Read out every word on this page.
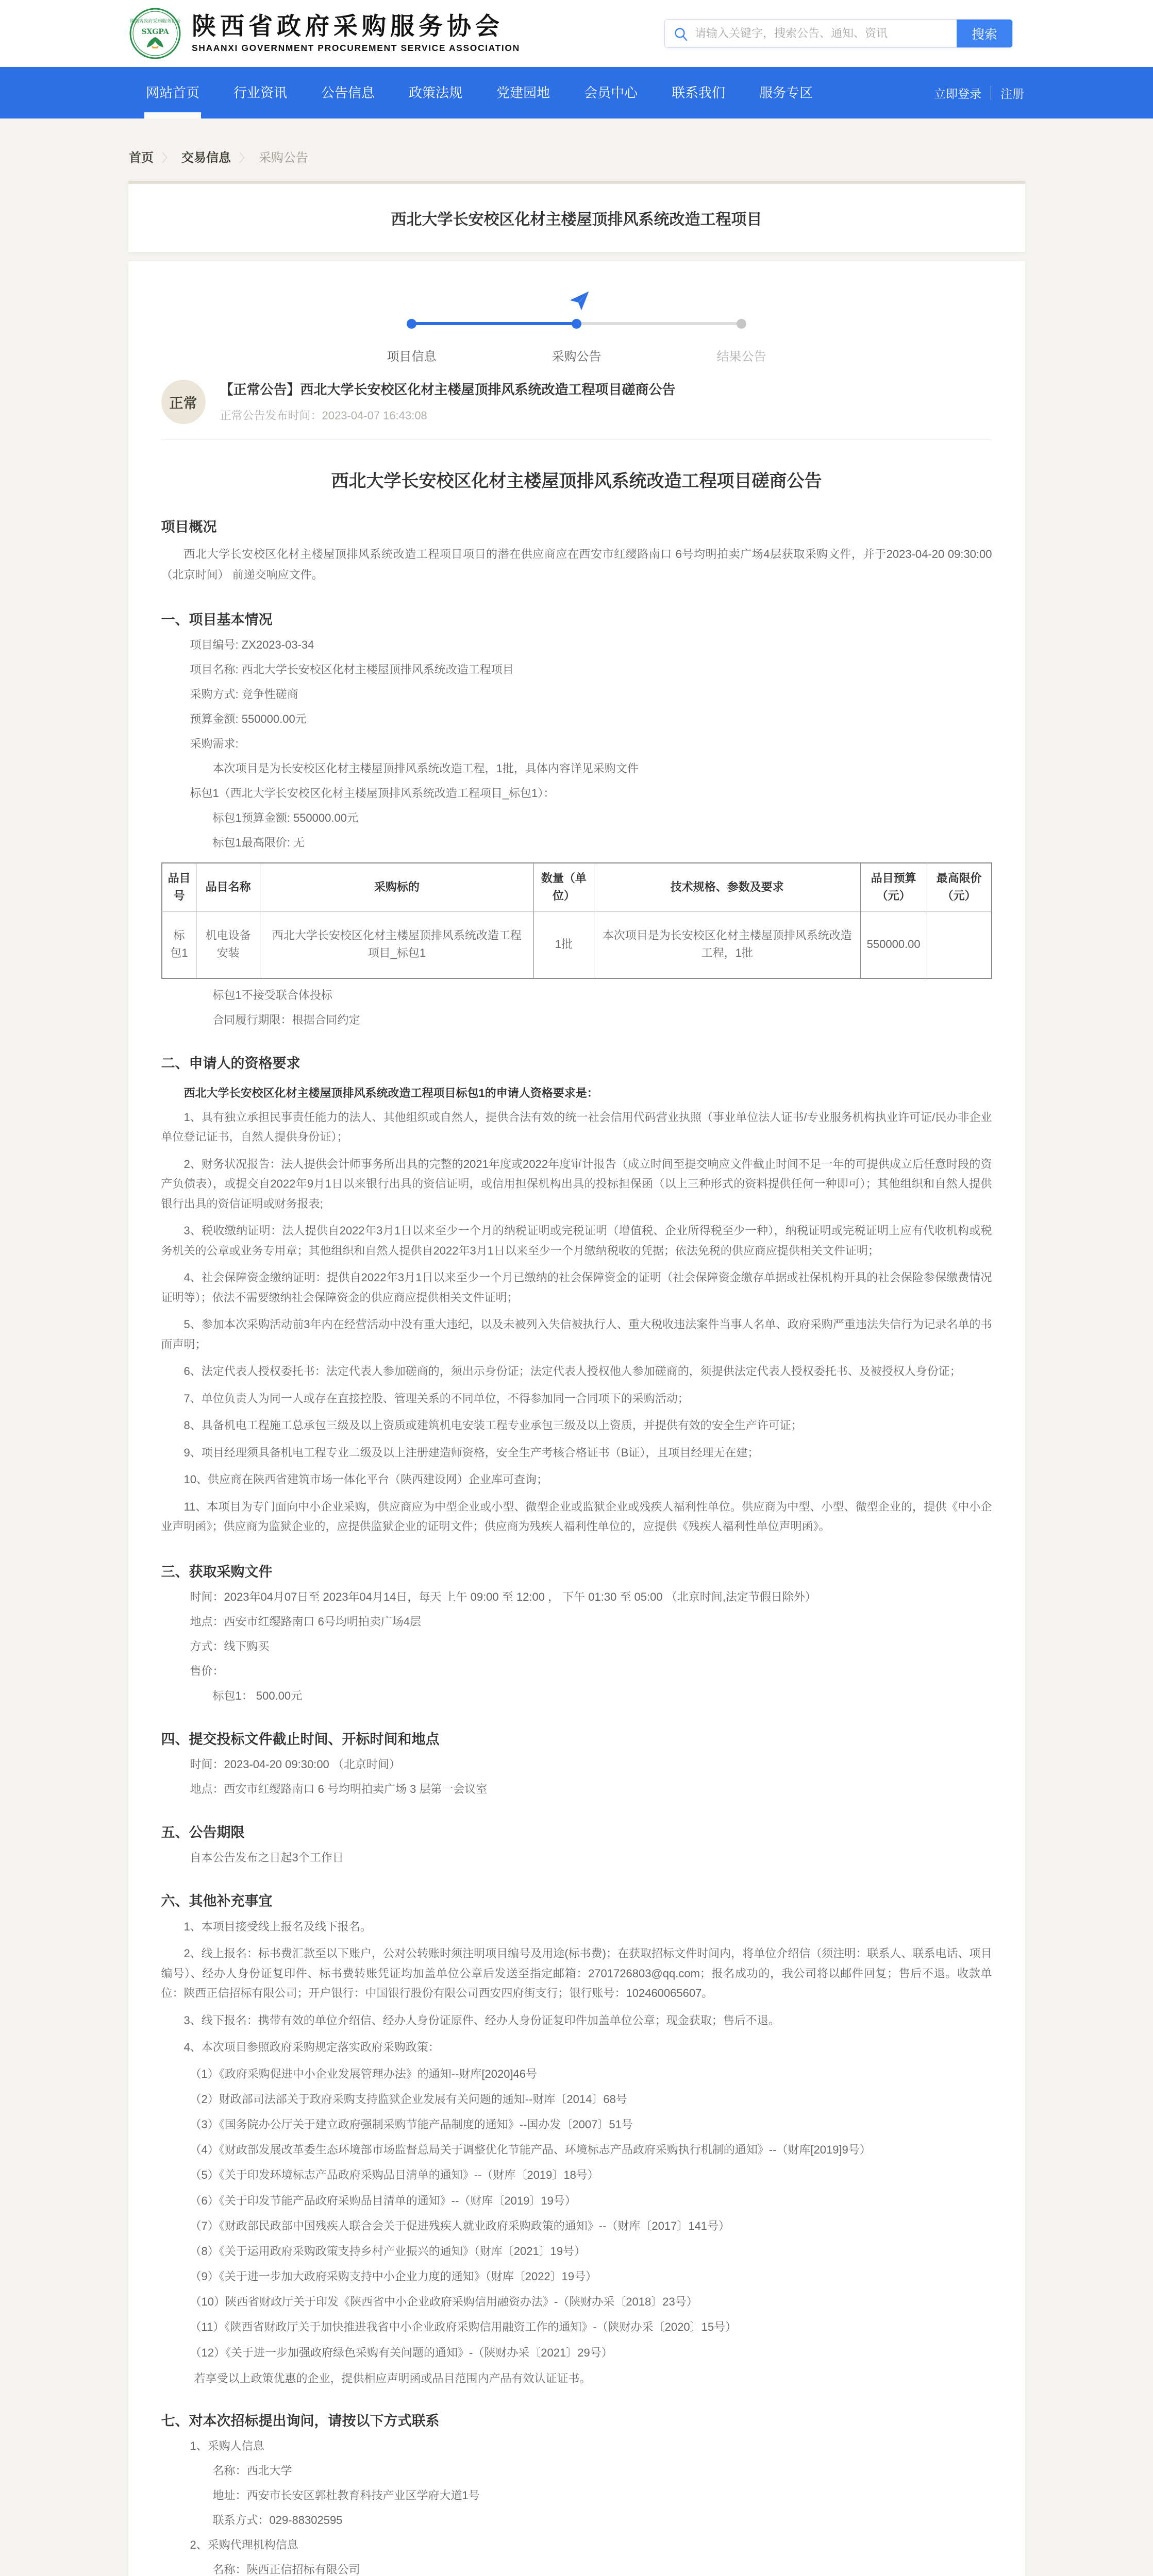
陕西省政府采购服务协会
SXGPA 陕西省政府采购服务协会
SHAANXI GOVERNMENT PROCUREMENT SERVICE ASSOCIATION
请输入关键字，搜索公告、通知、资讯
搜索
网站首页	行业资讯	公告信息	政策法规	党建园地	会员中心	联系我们	服务专区	立即登录 注册
首页	〉 交易信息	〉 采购公告
西北大学长安校区化材主楼屋顶排风系统改造工程项目
项目信息	采购公告	结果公告
正常
【正常公告】西北大学长安校区化材主楼屋顶排风系统改造工程项目磋商公告
正常公告发布时间：2023-04-07 16:43:08
西北大学长安校区化材主楼屋顶排风系统改造工程项目磋商公告
项目概况

西北大学长安校区化材主楼屋顶排风系统改造工程项目项目的潜在供应商应在西安市红缨路南口 6号均明拍卖广场4层获取采购文件，并于2023-04-20 09:30:00（北京时间） 前递交响应文件。

一、项目基本情况

项目编号: ZX2023-03-34

项目名称: 西北大学长安校区化材主楼屋顶排风系统改造工程项目

采购方式: 竞争性磋商

预算金额: 550000.00元

采购需求:

本次项目是为长安校区化材主楼屋顶排风系统改造工程，1批，具体内容详见采购文件

标包1（西北大学长安校区化材主楼屋顶排风系统改造工程项目_标包1）：

标包1预算金额: 550000.00元

标包1最高限价: 无

品目号	品目名称	采购标的	数量（单位）	技术规格、参数及要求	品目预算（元）	最高限价（元）
标包1	机电设备安装	西北大学长安校区化材主楼屋顶排风系统改造工程项目_标包1	1批	本次项目是为长安校区化材主楼屋顶排风系统改造工程，1批	550000.00	

标包1不接受联合体投标

合同履行期限：根据合同约定

二、申请人的资格要求

西北大学长安校区化材主楼屋顶排风系统改造工程项目标包1的申请人资格要求是：

1、具有独立承担民事责任能力的法人、其他组织或自然人，提供合法有效的统一社会信用代码营业执照（事业单位法人证书/专业服务机构执业许可证/民办非企业单位登记证书，自然人提供身份证）；

2、财务状况报告：法人提供会计师事务所出具的完整的2021年度或2022年度审计报告（成立时间至提交响应文件截止时间不足一年的可提供成立后任意时段的资产负债表），或提交自2022年9月1日以来银行出具的资信证明，或信用担保机构出具的投标担保函（以上三种形式的资料提供任何一种即可）；其他组织和自然人提供银行出具的资信证明或财务报表;

3、税收缴纳证明：法人提供自2022年3月1日以来至少一个月的纳税证明或完税证明（增值税、企业所得税至少一种），纳税证明或完税证明上应有代收机构或税务机关的公章或业务专用章；其他组织和自然人提供自2022年3月1日以来至少一个月缴纳税收的凭据；依法免税的供应商应提供相关文件证明；

4、社会保障资金缴纳证明：提供自2022年3月1日以来至少一个月已缴纳的社会保障资金的证明（社会保障资金缴存单据或社保机构开具的社会保险参保缴费情况证明等）；依法不需要缴纳社会保障资金的供应商应提供相关文件证明；

5、参加本次采购活动前3年内在经营活动中没有重大违纪，以及未被列入失信被执行人、重大税收违法案件当事人名单、政府采购严重违法失信行为记录名单的书面声明；

6、法定代表人授权委托书：法定代表人参加磋商的，须出示身份证；法定代表人授权他人参加磋商的，须提供法定代表人授权委托书、及被授权人身份证；

7、单位负责人为同一人或存在直接控股、管理关系的不同单位，不得参加同一合同项下的采购活动；

8、具备机电工程施工总承包三级及以上资质或建筑机电安装工程专业承包三级及以上资质，并提供有效的安全生产许可证；

9、项目经理须具备机电工程专业二级及以上注册建造师资格，安全生产考核合格证书（B证），且项目经理无在建；

10、供应商在陕西省建筑市场一体化平台（陕西建设网）企业库可查询；

11、本项目为专门面向中小企业采购，供应商应为中型企业或小型、微型企业或监狱企业或残疾人福利性单位。供应商为中型、小型、微型企业的，提供《中小企业声明函》；供应商为监狱企业的，应提供监狱企业的证明文件；供应商为残疾人福利性单位的，应提供《残疾人福利性单位声明函》。

三、获取采购文件

时间：2023年04月07日至 2023年04月14日，每天 上午 09:00 至 12:00 ， 下午 01:30 至 05:00 （北京时间,法定节假日除外）

地点：西安市红缨路南口 6号均明拍卖广场4层

方式：线下购买

售价：

标包1： 500.00元

四、提交投标文件截止时间、开标时间和地点

时间：2023-04-20 09:30:00 （北京时间）

地点：西安市红缨路南口 6 号均明拍卖广场 3 层第一会议室

五、公告期限

自本公告发布之日起3个工作日

六、其他补充事宜

1、本项目接受线上报名及线下报名。

2、线上报名：标书费汇款至以下账户，公对公转账时须注明项目编号及用途(标书费)；在获取招标文件时间内，将单位介绍信（须注明：联系人、联系电话、项目编号）、经办人身份证复印件、标书费转账凭证均加盖单位公章后发送至指定邮箱：2701726803@qq.com；报名成功的，我公司将以邮件回复；售后不退。收款单位：陕西正信招标有限公司；开户银行：中国银行股份有限公司西安四府街支行；银行账号：102460065607。

3、线下报名：携带有效的单位介绍信、经办人身份证原件、经办人身份证复印件加盖单位公章；现金获取；售后不退。

4、本次项目参照政府采购规定落实政府采购政策：

（1）《政府采购促进中小企业发展管理办法》的通知--财库[2020]46号

（2）财政部司法部关于政府采购支持监狱企业发展有关问题的通知--财库〔2014〕68号

（3）《国务院办公厅关于建立政府强制采购节能产品制度的通知》--国办发〔2007〕51号

（4）《财政部发展改革委生态环境部市场监督总局关于调整优化节能产品、环境标志产品政府采购执行机制的通知》--（财库[2019]9号）

（5）《关于印发环境标志产品政府采购品目清单的通知》--（财库〔2019〕18号）

（6）《关于印发节能产品政府采购品目清单的通知》--（财库〔2019〕19号）

（7）《财政部民政部中国残疾人联合会关于促进残疾人就业政府采购政策的通知》--（财库〔2017〕141号）

（8）《关于运用政府采购政策支持乡村产业振兴的通知》（财库〔2021〕19号）

（9）《关于进一步加大政府采购支持中小企业力度的通知》（财库〔2022〕19号）

（10）陕西省财政厅关于印发《陕西省中小企业政府采购信用融资办法》-（陕财办采〔2018〕23号）

（11）《陕西省财政厅关于加快推进我省中小企业政府采购信用融资工作的通知》-（陕财办采〔2020〕15号）

（12）《关于进一步加强政府绿色采购有关问题的通知》-（陕财办采〔2021〕29号）

若享受以上政策优惠的企业，提供相应声明函或品目范围内产品有效认证证书。

七、对本次招标提出询问，请按以下方式联系

1、采购人信息

名称：西北大学

地址：西安市长安区郭杜教育科技产业区学府大道1号

联系方式：029-88302595

2、采购代理机构信息

名称：陕西正信招标有限公司
